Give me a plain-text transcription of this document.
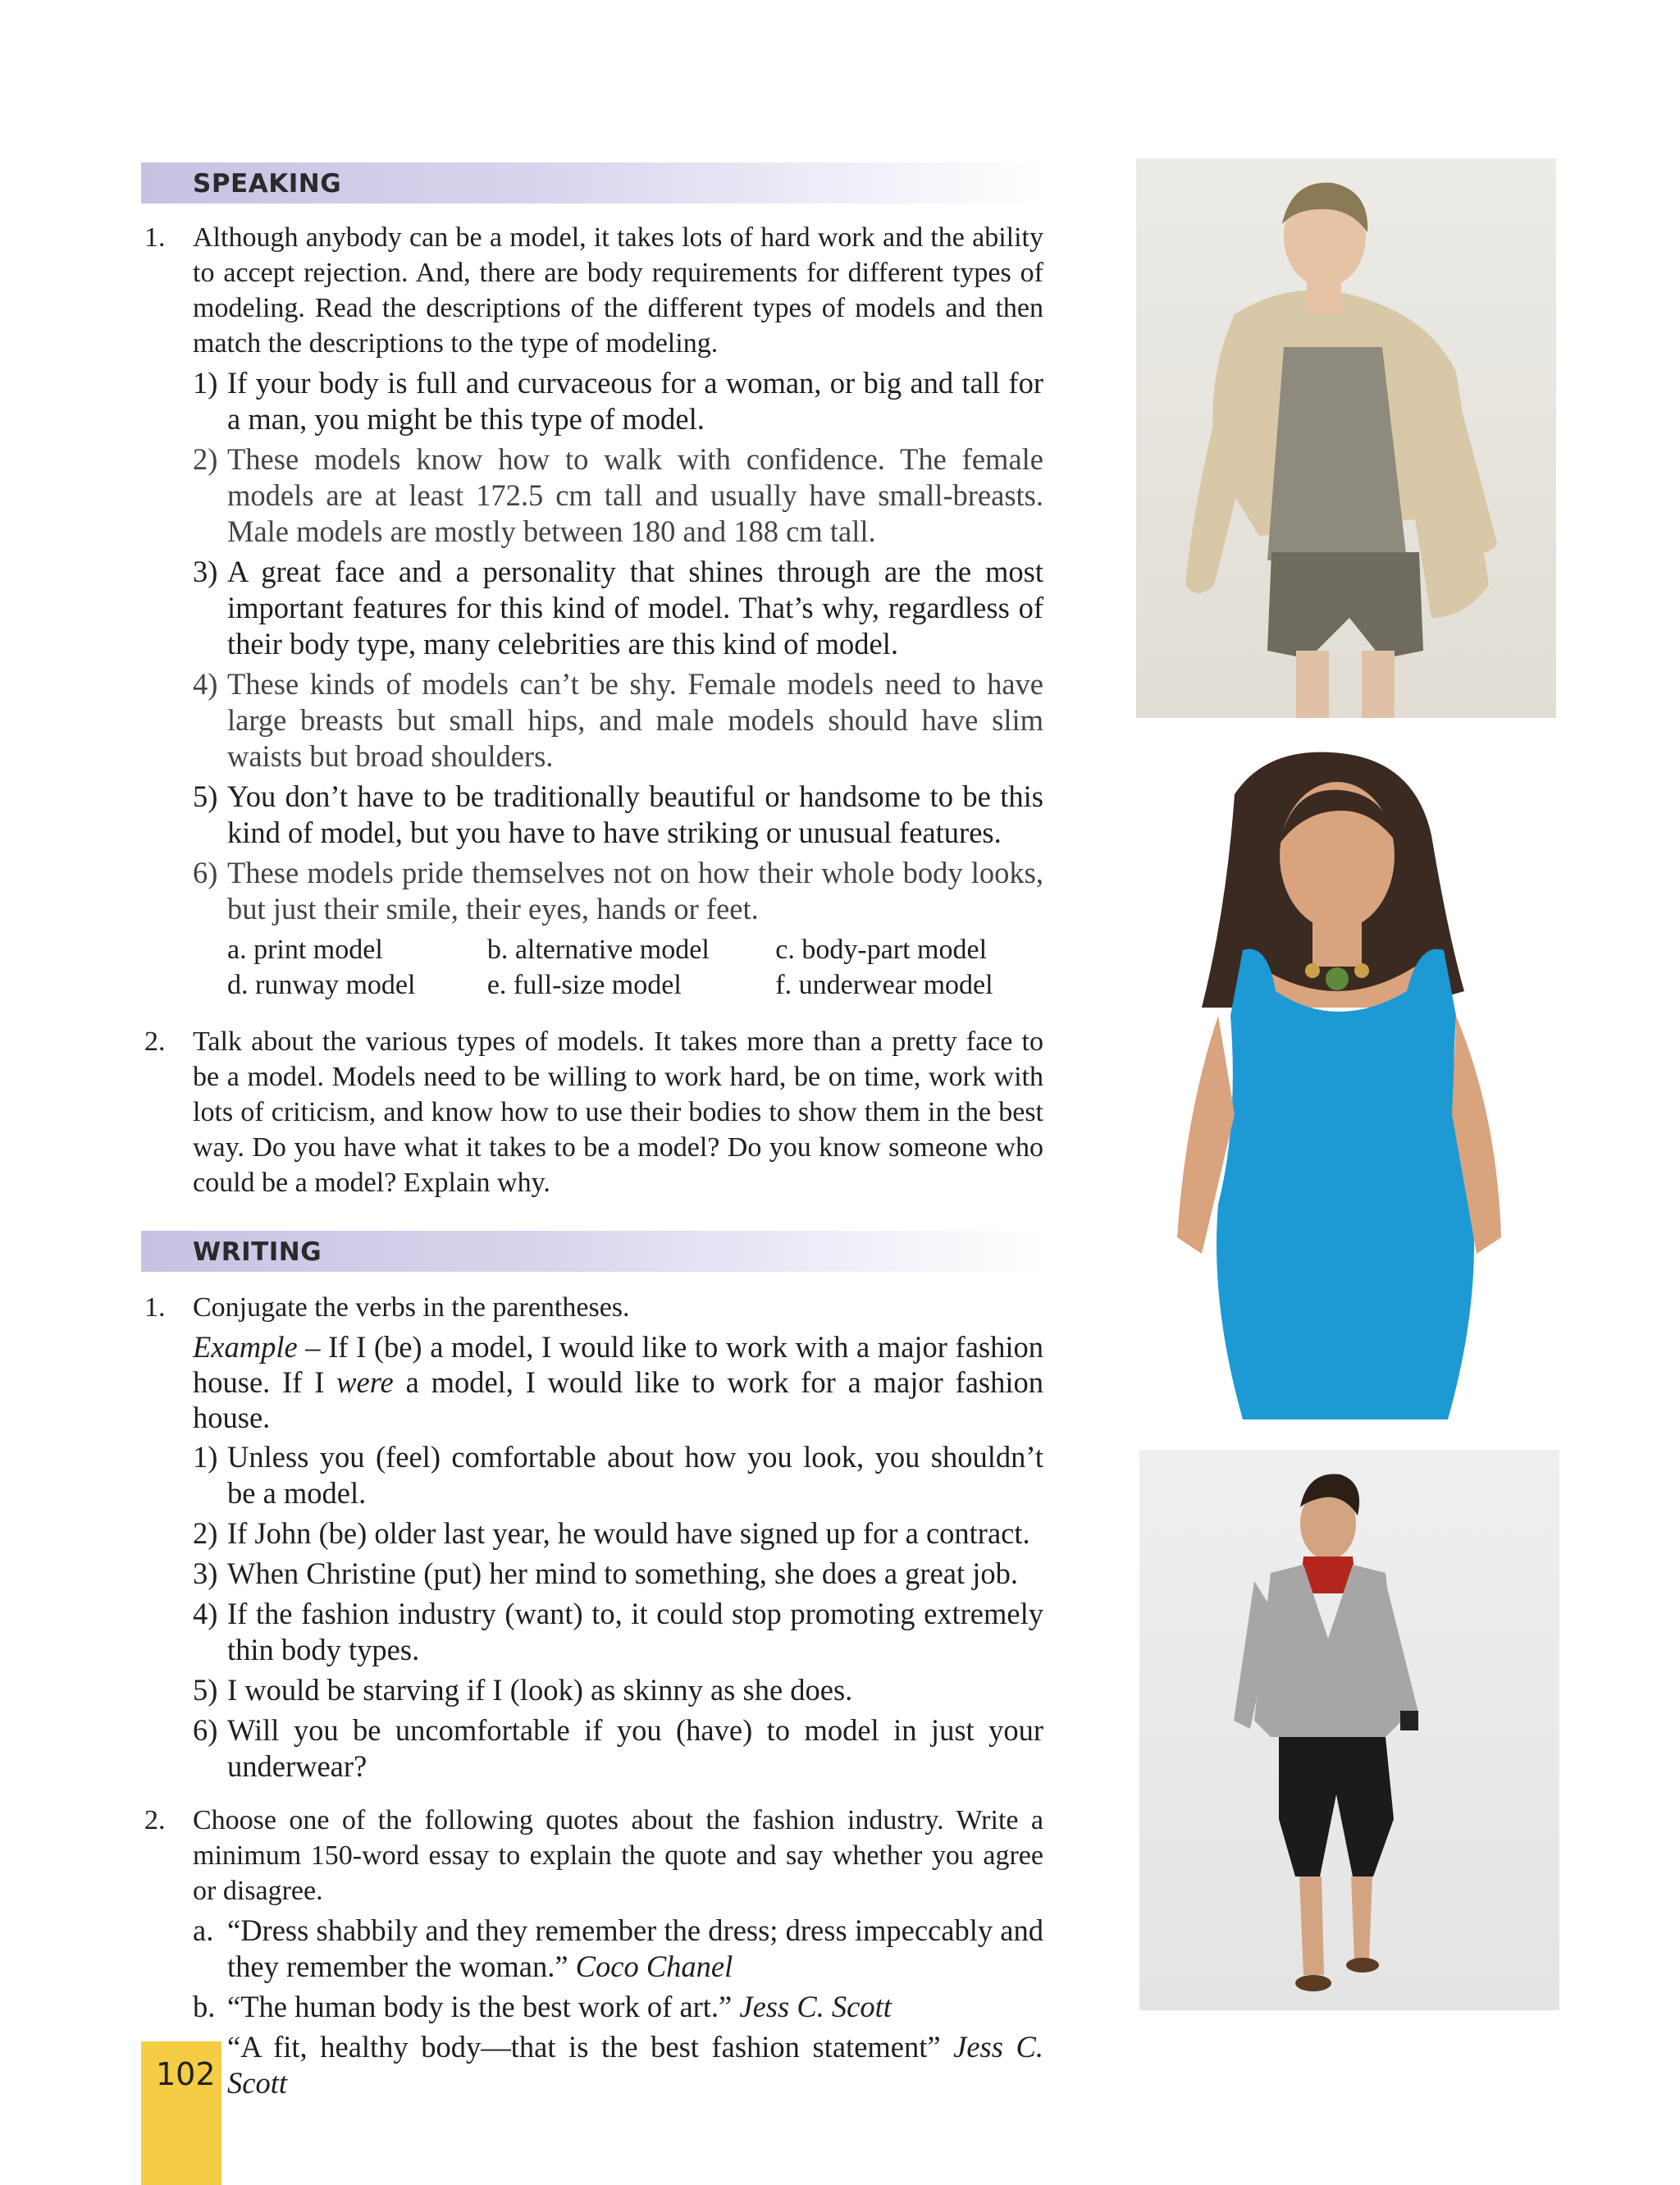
SPEAKING
1. Although anybody can be a model, it takes lots of hard work and the ability to accept rejection. And, there are body requirements for different types of modeling. Read the descriptions of the different types of models and then match the descriptions to the type of modeling.
1) If your body is full and curvaceous for a woman, or big and tall for a man, you might be this type of model.
2) These models know how to walk with confidence. The female models are at least 172.5 cm tall and usually have small-breasts. Male models are mostly between 180 and 188 cm tall.
3) A great face and a personality that shines through are the most important features for this kind of model. That’s why, regardless of their body type, many celebrities are this kind of model.
4) These kinds of models can’t be shy. Female models need to have large breasts but small hips, and male models should have slim waists but broad shoulders.
5) You don’t have to be traditionally beautiful or handsome to be this kind of model, but you have to have striking or unusual features.
6) These models pride themselves not on how their whole body looks, but just their smile, their eyes, hands or feet.
a. print model	b. alternative model	c. body-part model
d. runway model	e. full-size model	f. underwear model
2. Talk about the various types of models. It takes more than a pretty face to be a model. Models need to be willing to work hard, be on time, work with lots of criticism, and know how to use their bodies to show them in the best way. Do you have what it takes to be a model? Do you know someone who could be a model? Explain why.
WRITING
1. Conjugate the verbs in the parentheses.
Example – If I (be) a model, I would like to work with a major fashion house. If I were a model, I would like to work for a major fashion house.
1) Unless you (feel) comfortable about how you look, you shouldn’t be a model.
2) If John (be) older last year, he would have signed up for a contract.
3) When Christine (put) her mind to something, she does a great job.
4) If the fashion industry (want) to, it could stop promoting extremely thin body types.
5) I would be starving if I (look) as skinny as she does.
6) Will you be uncomfortable if you (have) to model in just your underwear?
2. Choose one of the following quotes about the fashion industry. Write a minimum 150-word essay to explain the quote and say whether you agree or disagree.
a. “Dress shabbily and they remember the dress; dress impeccably and they remember the woman.” Coco Chanel
b. “The human body is the best work of art.” Jess C. Scott
“A fit, healthy body—that is the best fashion statement” Jess C. Scott
102
